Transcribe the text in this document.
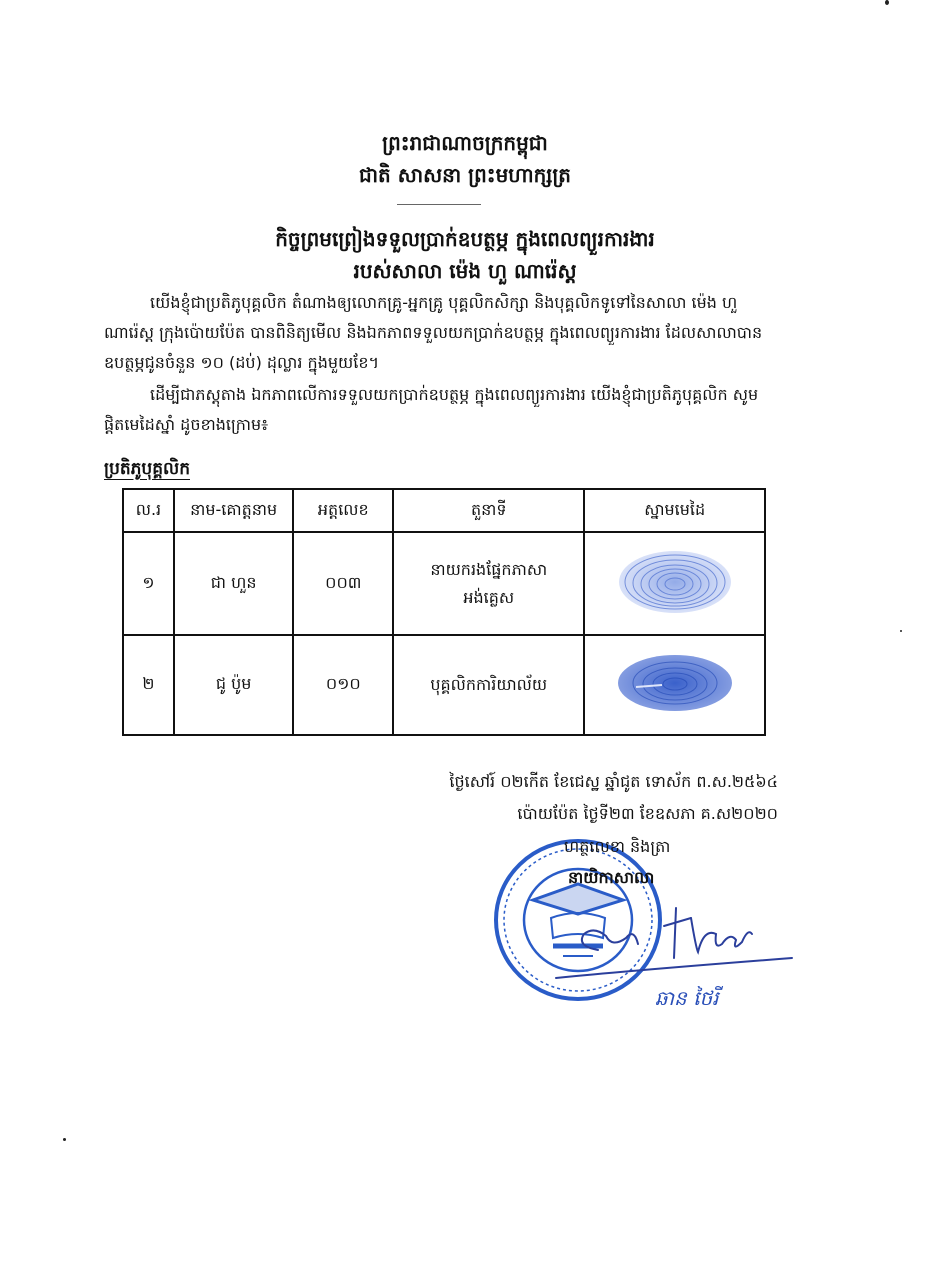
ព្រះរាជាណាចក្រកម្ពុជា
ជាតិ សាសនា ព្រះមហាក្សត្រ
កិច្ចព្រមព្រៀងទទួលប្រាក់ឧបត្ថម្ភ ក្នុងពេលព្យួរការងារ
របស់សាលា ម៉េង ហួ ណារ៉េស្ត
យើងខ្ញុំជាប្រតិភូបុគ្គលិក តំណាងឲ្យលោកគ្រូ-អ្នកគ្រូ បុគ្គលិកសិក្សា និងបុគ្គលិកទូទៅនៃសាលា ម៉េង ហួ ណារ៉េស្ត ក្រុងប៉ោយប៉ែត បានពិនិត្យមើល និងឯកភាពទទួលយកប្រាក់ឧបត្ថម្ភ ក្នុងពេលព្យួរការងារ ដែលសាលាបានឧបត្ថម្ភជូនចំនួន ១០ (ដប់) ដុល្លារ ក្នុងមួយខែ។
ដើម្បីជាភស្តុតាង ឯកភាពលើការទទួលយកប្រាក់ឧបត្ថម្ភ ក្នុងពេលព្យួរការងារ យើងខ្ញុំជាប្រតិភូបុគ្គលិក សូមផ្តិតមេដៃស្នាំ ដូចខាងក្រោម៖
ប្រតិភូបុគ្គលិក
ល.រ	នាម-គោត្តនាម	អត្តលេខ	តួនាទី	ស្នាមមេដៃ
១	ជា ហួន	០០៣	នាយករងផ្នែកភាសា
អង់គ្លេស

២	ជូ ប៉ូម	០១០	បុគ្គលិកការិយាល័យ

ថ្ងៃសៅរ៍ ០២កើត ខែជេស្ឋ ឆ្នាំជូត ទោស័ក ព.ស.២៥៦៤
ប៉ោយប៉ែត ថ្ងៃទី២៣ ខែឧសភា គ.ស២០២០
ហត្ថលេខា និងត្រា
នាយិកាសាលា
ឆាន ថៃរី
